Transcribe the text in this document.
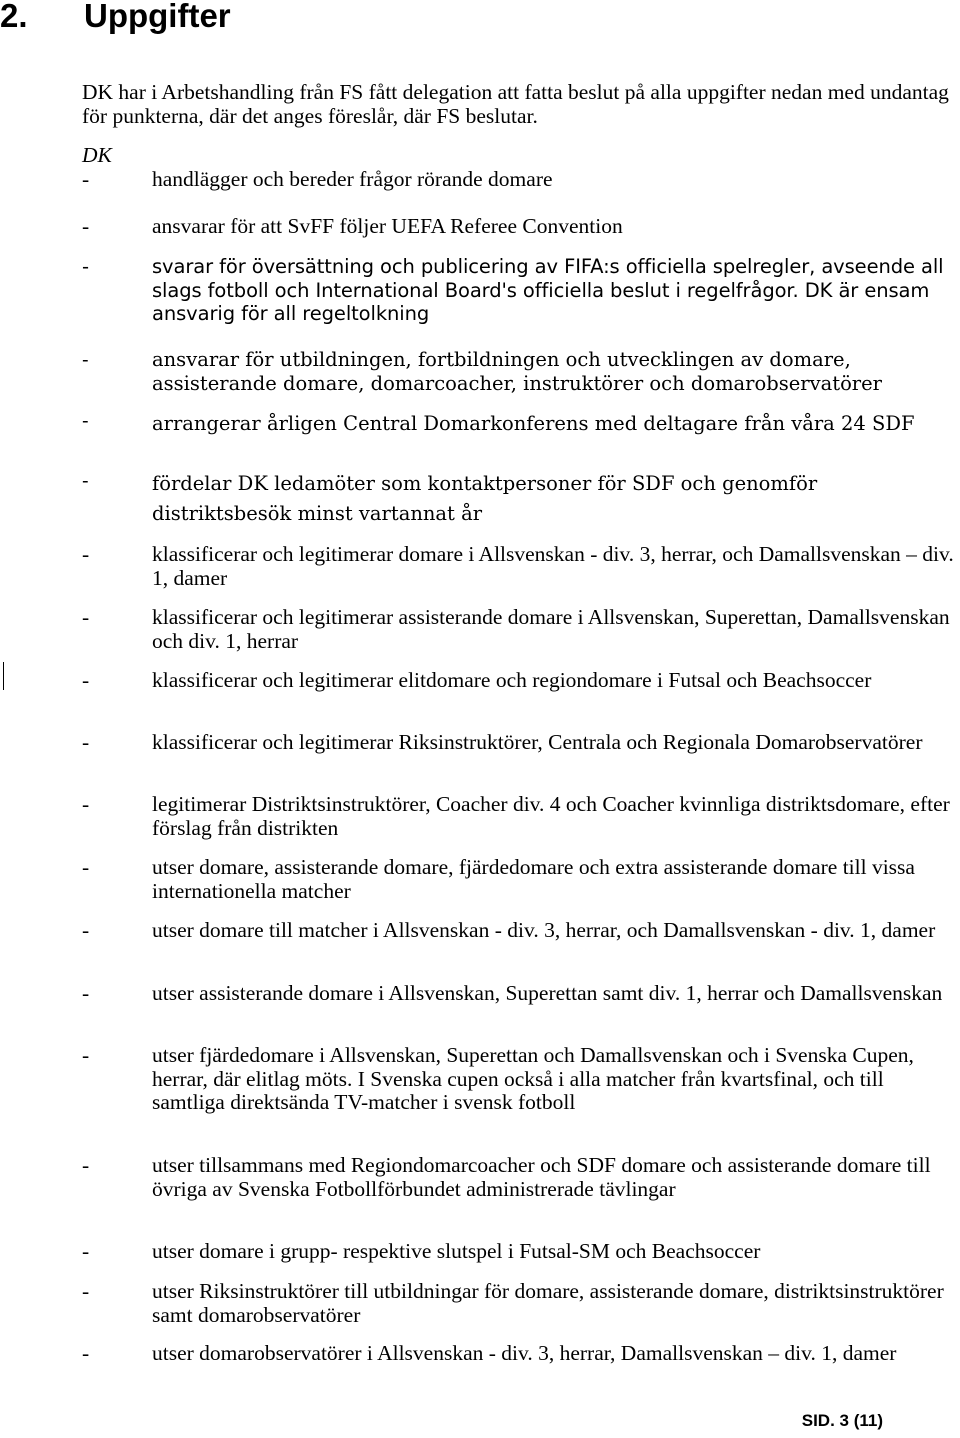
2. Uppgifter
DK har i Arbetshandling från FS fått delegation att fatta beslut på alla uppgifter nedan med undantag för punkterna, där det anges föreslår, där FS beslutar.
DK
-	handlägger och bereder frågor rörande domare
-	ansvarar för att SvFF följer UEFA Referee Convention
-	svarar för översättning och publicering av FIFA:s officiella spelregler, avseende all slags fotboll och International Board's officiella beslut i regelfrågor. DK är ensam ansvarig för all regeltolkning
-	ansvarar för utbildningen, fortbildningen och utvecklingen av domare, assisterande domare, domarcoacher, instruktörer och domarobservatörer
-	arrangerar årligen Central Domarkonferens med deltagare från våra 24 SDF
-	fördelar DK ledamöter som kontaktpersoner för SDF och genomför distriktsbesök minst vartannat år
-	klassificerar och legitimerar domare i Allsvenskan - div. 3, herrar, och Damallsvenskan – div. 1, damer
-	klassificerar och legitimerar assisterande domare i Allsvenskan, Superettan, Damallsvenskan och div. 1, herrar
-	klassificerar och legitimerar elitdomare och regiondomare i Futsal och Beachsoccer
-	klassificerar och legitimerar Riksinstruktörer, Centrala och Regionala Domarobservatörer
-	legitimerar Distriktsinstruktörer, Coacher div. 4 och Coacher kvinnliga distriktsdomare, efter förslag från distrikten
-	utser domare, assisterande domare, fjärdedomare och extra assisterande domare till vissa internationella matcher
-	utser domare till matcher i Allsvenskan - div. 3, herrar, och Damallsvenskan - div. 1, damer
-	utser assisterande domare i Allsvenskan, Superettan samt div. 1, herrar och Damallsvenskan
-	utser fjärdedomare i Allsvenskan, Superettan och Damallsvenskan och i Svenska Cupen, herrar, där elitlag möts. I Svenska cupen också i alla matcher från kvartsfinal, och till samtliga direktsända TV-matcher i svensk fotboll
-	utser tillsammans med Regiondomarcoacher och SDF domare och assisterande domare till övriga av Svenska Fotbollförbundet administrerade tävlingar
-	utser domare i grupp- respektive slutspel i Futsal-SM och Beachsoccer
-	utser Riksinstruktörer till utbildningar för domare, assisterande domare, distriktsinstruktörer samt domarobservatörer
-	utser domarobservatörer i Allsvenskan - div. 3, herrar, Damallsvenskan – div. 1, damer
SID. 3 (11)
